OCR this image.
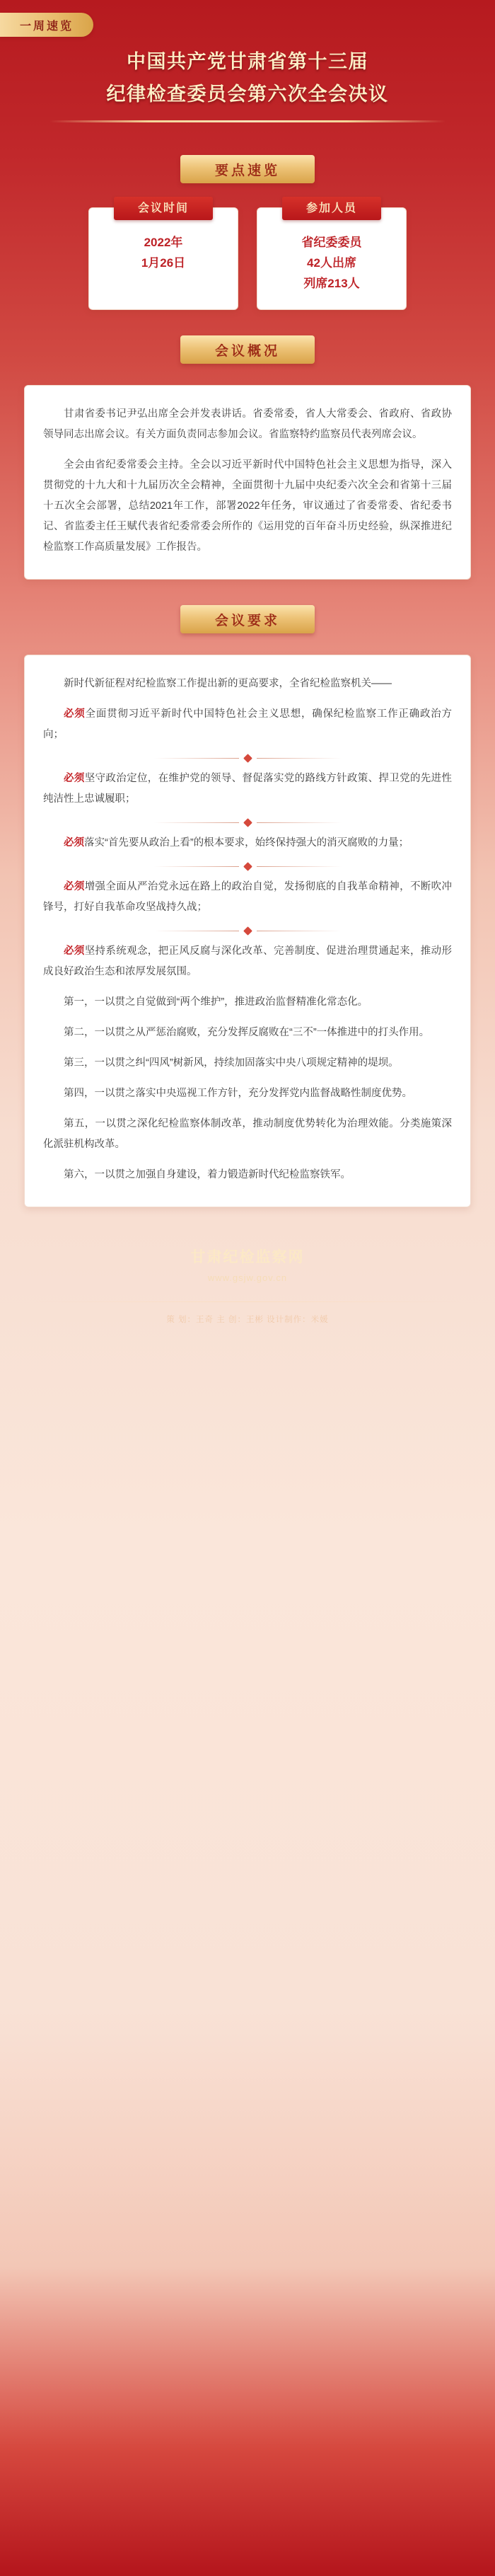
一周速览
中国共产党甘肃省第十三届
纪律检查委员会第六次全会决议
要点速览
会议时间
2022年
1月26日
参加人员
省纪委委员
42人出席
列席213人
会议概况

甘肃省委书记尹弘出席全会并发表讲话。省委常委，省人大常委会、省政府、省政协领导同志出席会议。有关方面负责同志参加会议。省监察特约监察员代表列席会议。

全会由省纪委常委会主持。全会以习近平新时代中国特色社会主义思想为指导，深入贯彻党的十九大和十九届历次全会精神，全面贯彻十九届中央纪委六次全会和省第十三届十五次全会部署，总结2021年工作，部署2022年任务，审议通过了省委常委、省纪委书记、省监委主任王赋代表省纪委常委会所作的《运用党的百年奋斗历史经验，纵深推进纪检监察工作高质量发展》工作报告。

会议要求

新时代新征程对纪检监察工作提出新的更高要求，全省纪检监察机关——

必须全面贯彻习近平新时代中国特色社会主义思想，确保纪检监察工作正确政治方向；

必须坚守政治定位，在维护党的领导、督促落实党的路线方针政策、捍卫党的先进性纯洁性上忠诚履职；

必须落实“首先要从政治上看”的根本要求，始终保持强大的消灭腐败的力量；

必须增强全面从严治党永远在路上的政治自觉，发扬彻底的自我革命精神，不断吹冲锋号，打好自我革命攻坚战持久战；

必须坚持系统观念，把正风反腐与深化改革、完善制度、促进治理贯通起来，推动形成良好政治生态和浓厚发展氛围。

第一，一以贯之自觉做到“两个维护”，推进政治监督精准化常态化。

第二，一以贯之从严惩治腐败，充分发挥反腐败在“三不”一体推进中的打头作用。

第三，一以贯之纠“四风”树新风，持续加固落实中央八项规定精神的堤坝。

第四，一以贯之落实中央巡视工作方针，充分发挥党内监督战略性制度优势。

第五，一以贯之深化纪检监察体制改革，推动制度优势转化为治理效能。分类施策深化派驻机构改革。

第六，一以贯之加强自身建设，着力锻造新时代纪检监察铁军。

甘肃纪检监察网
www.gsjw.gov.cn
策 划：王奇 主 创：王彬 设计制作：米媛
